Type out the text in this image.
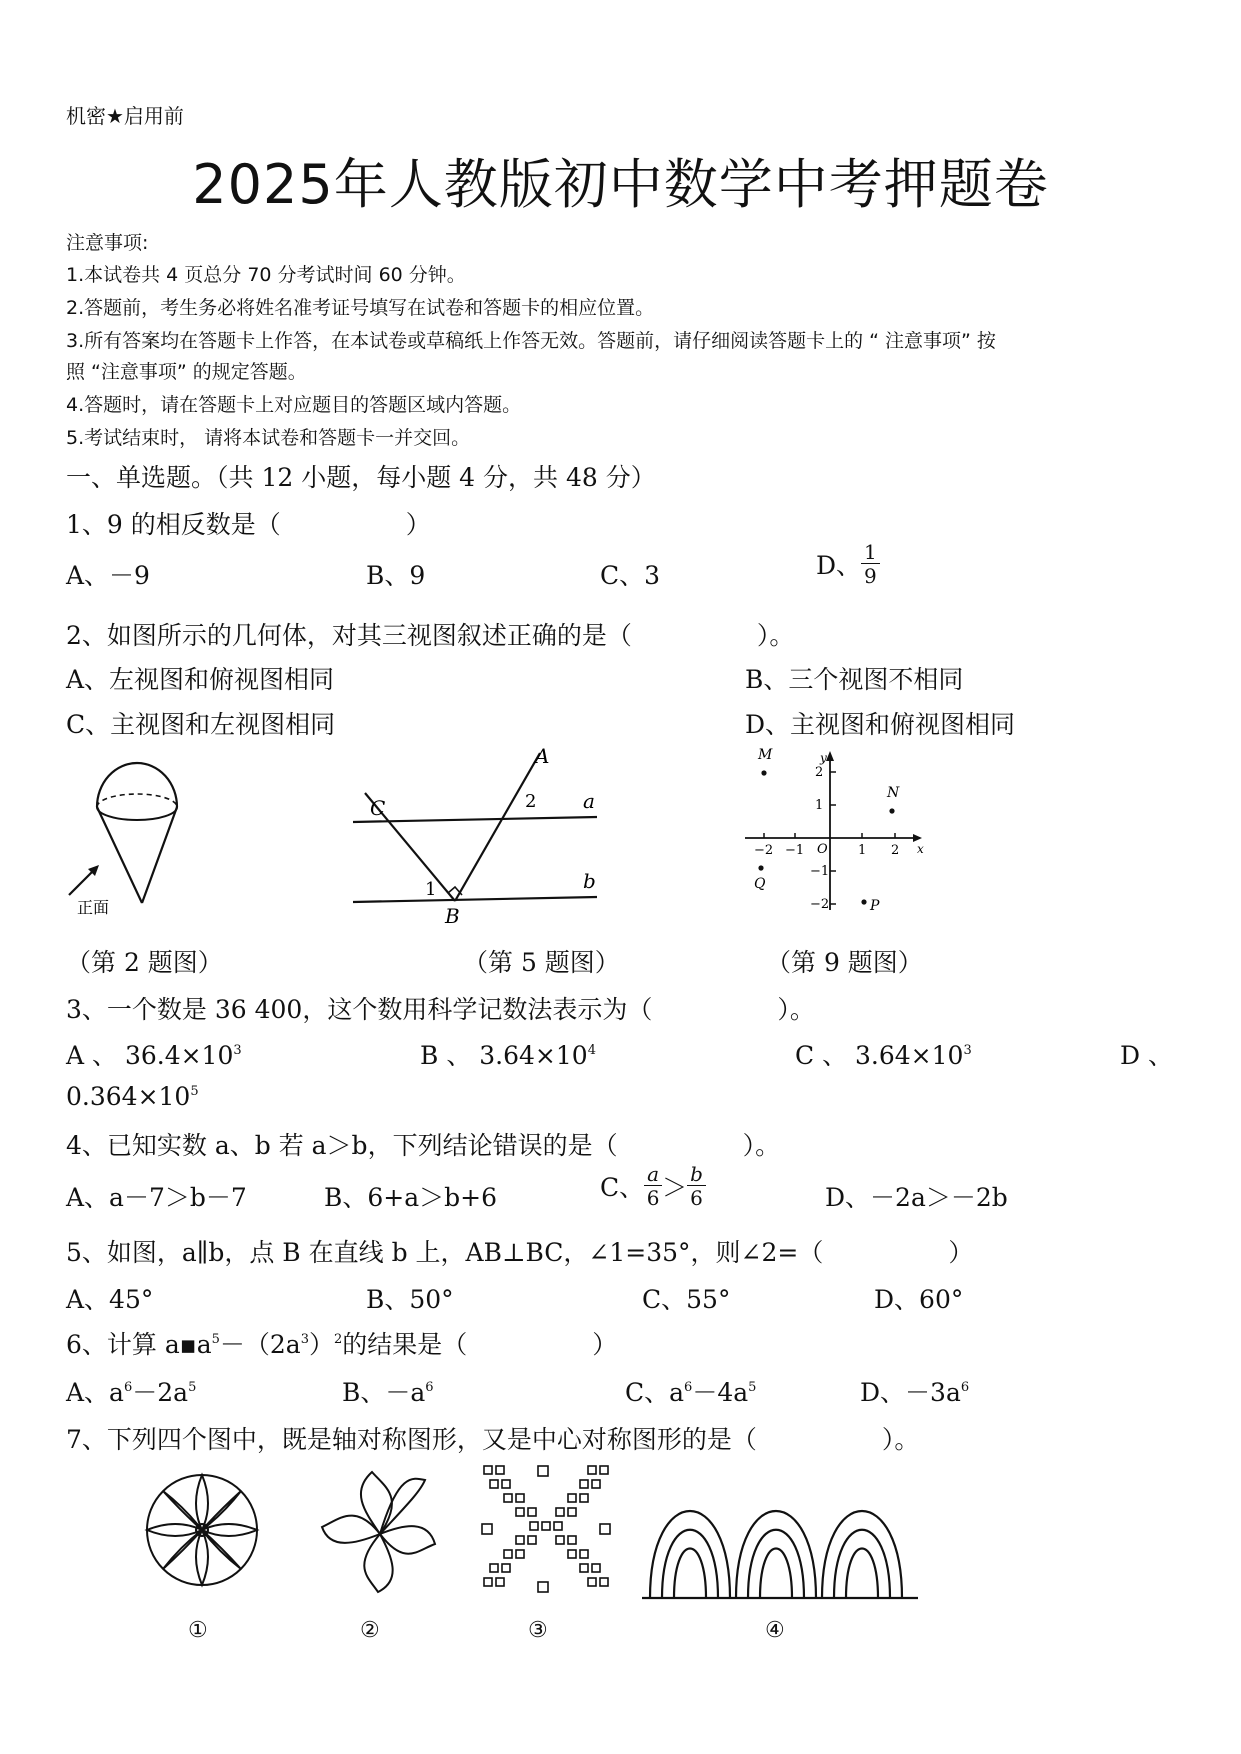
机密★启用前
2025年人教版初中数学中考押题卷
注意事项:
1.本试卷共 4 页总分 70 分考试时间 60 分钟。
2.答题前，考生务必将姓名准考证号填写在试卷和答题卡的相应位置。
3.所有答案均在答题卡上作答，在本试卷或草稿纸上作答无效。答题前，请仔细阅读答题卡上的 “ 注意事项” 按
照 “注意事项” 的规定答题。
4.答题时，请在答题卡上对应题目的答题区域内答题。
5.考试结束时， 请将本试卷和答题卡一并交回。
一、单选题。（共 12 小题，每小题 4 分，共 48 分）
1、9 的相反数是（　　　　　）
A、－9	B、9	C、3	D、 $\frac{1}{9}$
2、如图所示的几何体，对其三视图叙述正确的是（　　　　　）。
A、左视图和俯视图相同	B、三个视图不相同
C、主视图和左视图相同	D、主视图和俯视图相同
正面
A
C
B
a
b
1
2
−2 −1	1 2
2
1
−1
−2
O
y
x
M
N
Q
P
（第 2 题图）	（第 5 题图）	（第 9 题图）
3、一个数是 36 400，这个数用科学记数法表示为（　　　　　）。
A 、 $36.4\times 10^3$	B 、 $3.64\times 10^4$	C 、 $3.64\times 10^3$	D 、
$0.364\times 10^5$
4、已知实数 a、b 若 a＞b，下列结论错误的是（　　　　　）。
A、a－7＞b－7	B、6+a＞b+6	C、 $\frac{a}{6} > \frac{b}{6}$	D、－2a＞－2b
5、如图，a∥b，点 B 在直线 b 上，AB⊥BC，∠1=35°，则∠2=（　　　　　）
A、45°	B、50°	C、55°	D、60°
6、计算 $a▪a^5-(2a^3)^2$的结果是（　　　　　）
A、$a^6-2a^5$	B、$-a^6$	C、$a^6-4a^5$	D、$-3a^6$
7、下列四个图中，既是轴对称图形，又是中心对称图形的是（　　　　　）。
①	②	③	④
